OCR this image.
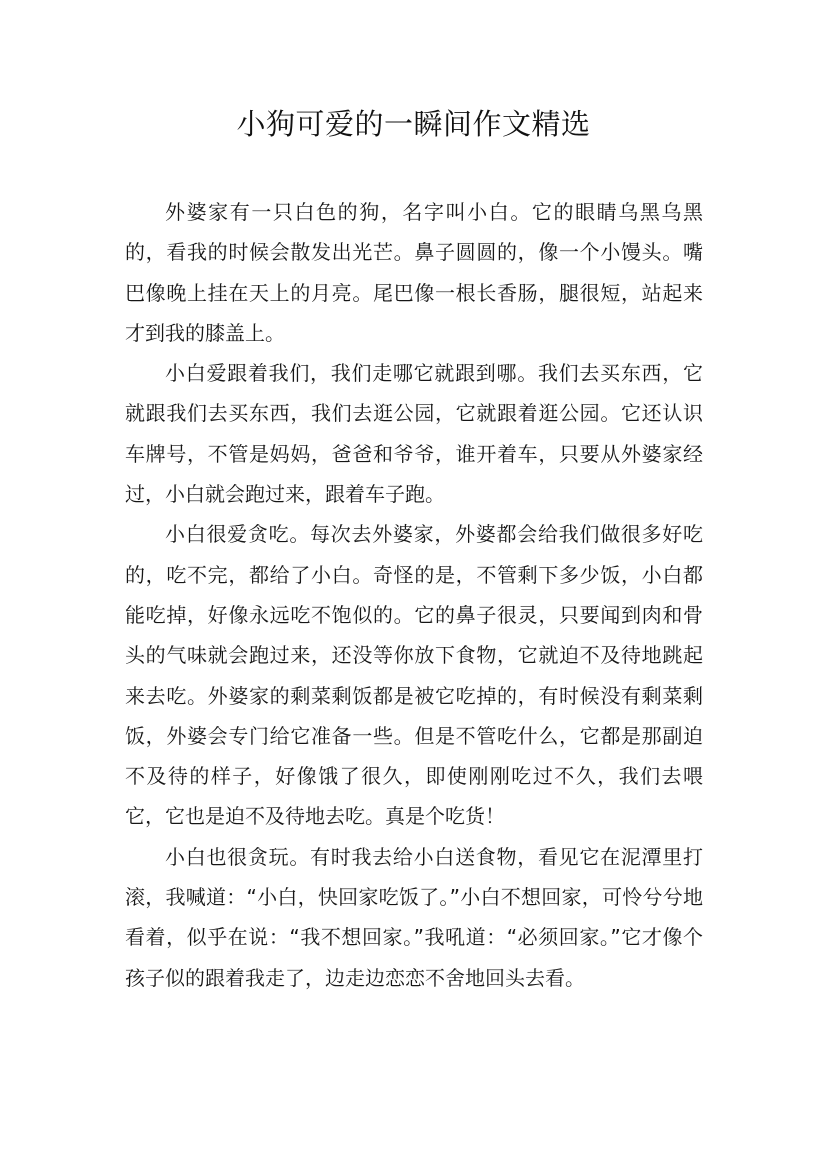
小狗可爱的一瞬间作文精选

外婆家有一只白色的狗，名字叫小白。它的眼睛乌黑乌黑的，看我的时候会散发出光芒。鼻子圆圆的，像一个小馒头。嘴巴像晚上挂在天上的月亮。尾巴像一根长香肠，腿很短，站起来才到我的膝盖上。

小白爱跟着我们，我们走哪它就跟到哪。我们去买东西，它就跟我们去买东西，我们去逛公园，它就跟着逛公园。它还认识车牌号，不管是妈妈，爸爸和爷爷，谁开着车，只要从外婆家经过，小白就会跑过来，跟着车子跑。

小白很爱贪吃。每次去外婆家，外婆都会给我们做很多好吃的，吃不完，都给了小白。奇怪的是，不管剩下多少饭，小白都能吃掉，好像永远吃不饱似的。它的鼻子很灵，只要闻到肉和骨头的气味就会跑过来，还没等你放下食物，它就迫不及待地跳起来去吃。外婆家的剩菜剩饭都是被它吃掉的，有时候没有剩菜剩饭，外婆会专门给它准备一些。但是不管吃什么，它都是那副迫不及待的样子，好像饿了很久，即使刚刚吃过不久，我们去喂它，它也是迫不及待地去吃。真是个吃货！

小白也很贪玩。有时我去给小白送食物，看见它在泥潭里打滚，我喊道：“小白，快回家吃饭了。”小白不想回家，可怜兮兮地看着，似乎在说：“我不想回家。”我吼道：“必须回家。”它才像个孩子似的跟着我走了，边走边恋恋不舍地回头去看。
